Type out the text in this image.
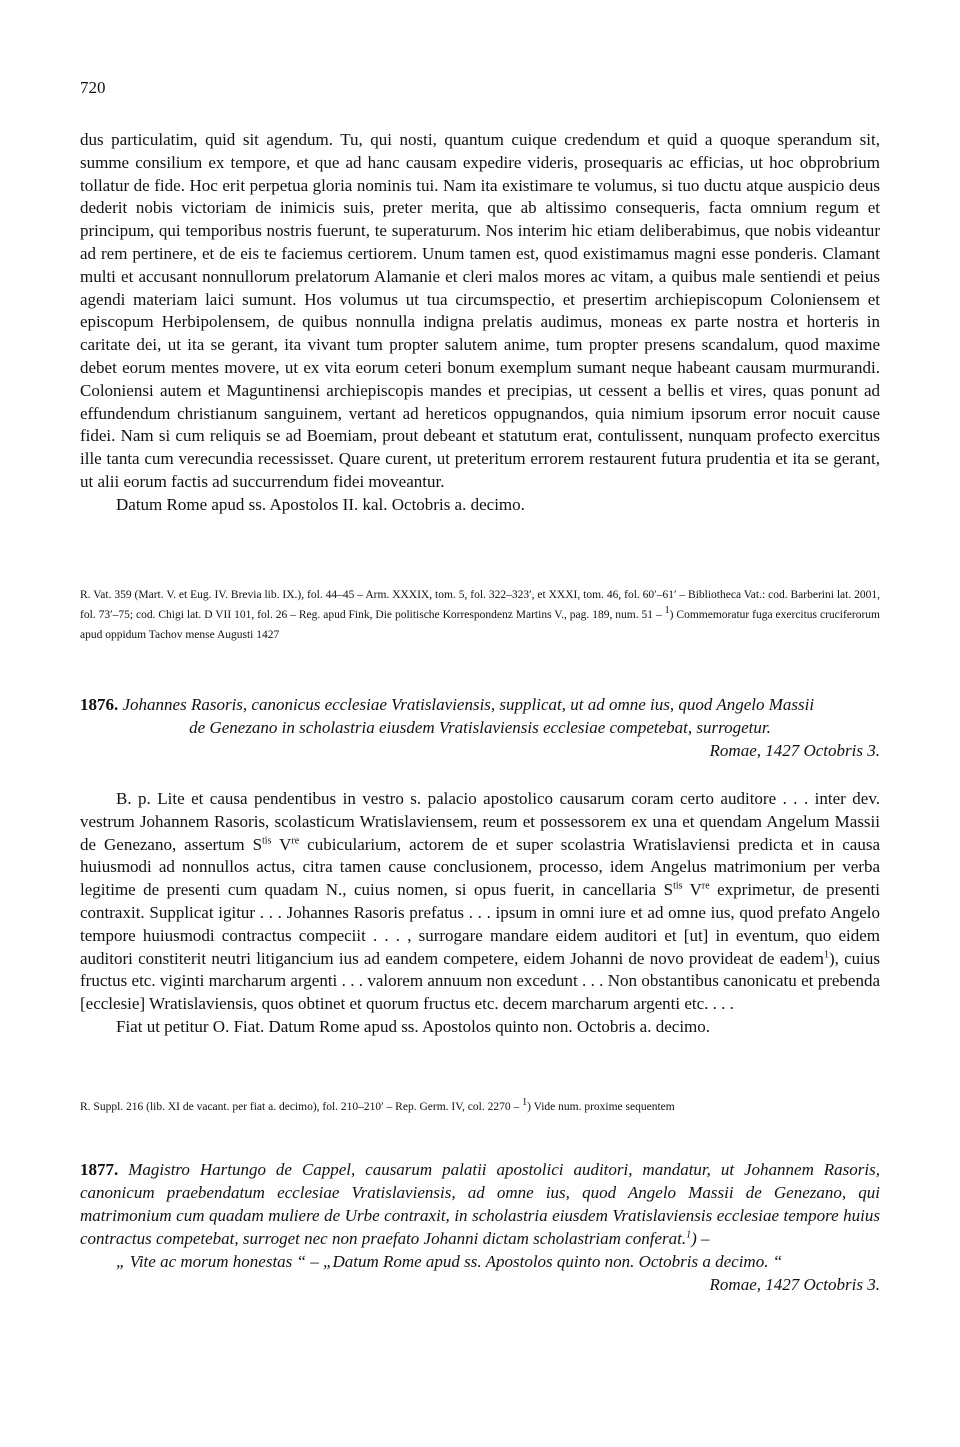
720

dus particulatim, quid sit agendum. Tu, qui nosti, quantum cuique credendum et quid a quoque sperandum sit, summe consilium ex tempore, et que ad hanc causam expedire videris, prosequaris ac efficias, ut hoc obprobrium tollatur de fide. Hoc erit perpetua gloria nominis tui. Nam ita existimare te volumus, si tuo ductu atque auspicio deus dederit nobis victoriam de inimicis suis, preter merita, que ab altissimo consequeris, facta omnium regum et principum, qui temporibus nostris fuerunt, te superaturum. Nos interim hic etiam deliberabimus, que nobis videantur ad rem pertinere, et de eis te faciemus certiorem. Unum tamen est, quod existimamus magni esse ponderis. Clamant multi et accusant nonnullorum prelatorum Alamanie et cleri malos mores ac vitam, a quibus male sentiendi et peius agendi materiam laici sumunt. Hos volumus ut tua circumspectio, et presertim archiepiscopum Coloniensem et episcopum Herbipolensem, de quibus nonnulla indigna prelatis audimus, moneas ex parte nostra et horteris in caritate dei, ut ita se gerant, ita vivant tum propter salutem anime, tum propter presens scandalum, quod maxime debet eorum mentes movere, ut ex vita eorum ceteri bonum exemplum sumant neque habeant causam murmurandi. Coloniensi autem et Maguntinensi archiepiscopis mandes et precipias, ut cessent a bellis et vires, quas ponunt ad effundendum christianum sanguinem, vertant ad hereticos oppugnandos, quia nimium ipsorum error nocuit cause fidei. Nam si cum reliquis se ad Boemiam, prout debeant et statutum erat, contulissent, nunquam profecto exercitus ille tanta cum verecundia recessisset. Quare curent, ut preteritum errorem restaurent futura prudentia et ita se gerant, ut alii eorum factis ad succurrendum fidei moveantur.

Datum Rome apud ss. Apostolos II. kal. Octobris a. decimo.

R. Vat. 359 (Mart. V. et Eug. IV. Brevia lib. IX.), fol. 44–45 – Arm. XXXIX, tom. 5, fol. 322–323′, et XXXI, tom. 46, fol. 60′–61′ – Bibliotheca Vat.: cod. Barberini lat. 2001, fol. 73′–75; cod. Chigi lat. D VII 101, fol. 26 – Reg. apud Fink, Die politische Korrespondenz Martins V., pag. 189, num. 51 – $^1$) Commemoratur fuga exercitus cruciferorum apud oppidum Tachov mense Augusti 1427
1876. Johannes Rasoris, canonicus ecclesiae Vratislaviensis, supplicat, ut ad omne ius, quod Angelo Massii
de Genezano in scholastria eiusdem Vratislaviensis ecclesiae competebat, surrogetur.
Romae, 1427 Octobris 3.

B. p. Lite et causa pendentibus in vestro s. palacio apostolico causarum coram certo auditore . . . inter dev. vestrum Johannem Rasoris, scolasticum Wratislaviensem, reum et possessorem ex una et quendam Angelum Massii de Genezano, assertum $S^{tis}$ Vre cubicularium, actorem de et super scolastria Wratislaviensi predicta et in causa huiusmodi ad nonnullos actus, citra tamen cause conclusionem, processo, idem Angelus matrimonium per verba legitime de presenti cum quadam N., cuius nomen, si opus fuerit, in cancellaria $S^{tis}$ Vre exprimetur, de presenti contraxit. Supplicat igitur . . . Johannes Rasoris prefatus . . . ipsum in omni iure et ad omne ius, quod prefato Angelo tempore huiusmodi contractus compeciit . . . , surrogare mandare eidem auditori et [ut] in eventum, quo eidem auditori constiterit neutri litigancium ius ad eandem competere, eidem Johanni de novo provideat de eadem$^1$), cuius fructus etc. viginti marcharum argenti . . . valorem annuum non excedunt . . . Non obstantibus canonicatu et prebenda [ecclesie] Wratislaviensis, quos obtinet et quorum fructus etc. decem marcharum argenti etc. . . .

Fiat ut petitur O. Fiat. Datum Rome apud ss. Apostolos quinto non. Octobris a. decimo.

R. Suppl. 216 (lib. XI de vacant. per fiat a. decimo), fol. 210–210′ – Rep. Germ. IV, col. 2270 – $^1$) Vide num. proxime sequentem
1877. Magistro Hartungo de Cappel, causarum palatii apostolici auditori, mandatur, ut Johannem Rasoris, canonicum praebendatum ecclesiae Vratislaviensis, ad omne ius, quod Angelo Massii de Genezano, qui matrimonium cum quadam muliere de Urbe contraxit, in scholastria eiusdem Vratislaviensis ecclesiae tempore huius contractus competebat, surroget nec non praefato Johanni dictam scholastriam conferat.$^1$) –
„ Vite ac morum honestas “ – „Datum Rome apud ss. Apostolos quinto non. Octobris a decimo. “
Romae, 1427 Octobris 3.
